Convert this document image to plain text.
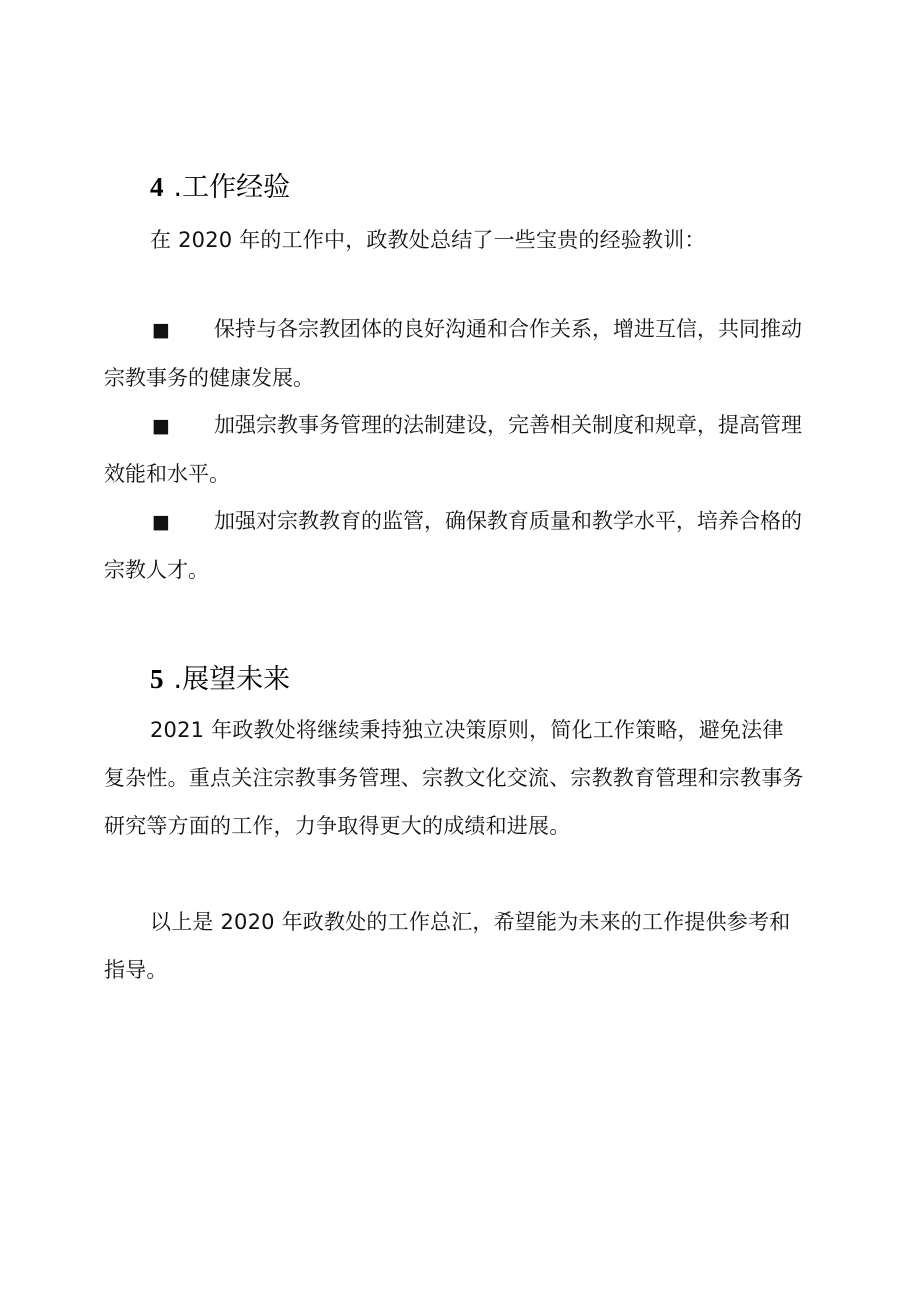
4 .工作经验
在 2020 年的工作中，政教处总结了一些宝贵的经验教训：
■ 保持与各宗教团体的良好沟通和合作关系，增进互信，共同推动宗教事务的健康发展。
■ 加强宗教事务管理的法制建设，完善相关制度和规章，提高管理效能和水平。
■ 加强对宗教教育的监管，确保教育质量和教学水平，培养合格的宗教人才。
5 .展望未来
2021 年政教处将继续秉持独立决策原则，简化工作策略，避免法律复杂性。重点关注宗教事务管理、宗教文化交流、宗教教育管理和宗教事务研究等方面的工作，力争取得更大的成绩和进展。
以上是 2020 年政教处的工作总汇，希望能为未来的工作提供参考和指导。
